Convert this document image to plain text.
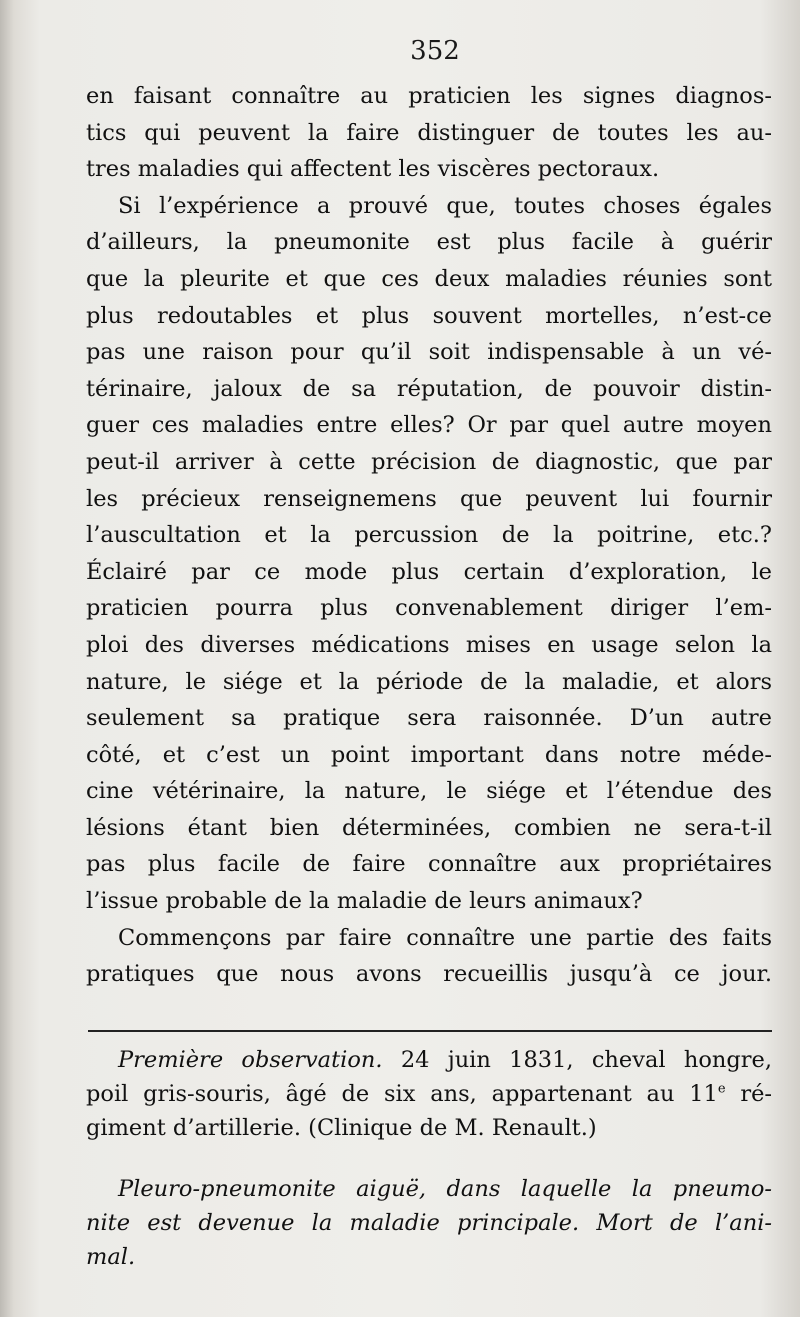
352
en faisant connaître au praticien les signes diagnos-
tics qui peuvent la faire distinguer de toutes les au-
tres maladies qui affectent les viscères pectoraux.
Si l’expérience a prouvé que, toutes choses égales
d’ailleurs, la pneumonite est plus facile à guérir
que la pleurite et que ces deux maladies réunies sont
plus redoutables et plus souvent mortelles, n’est-ce
pas une raison pour qu’il soit indispensable à un vé-
térinaire, jaloux de sa réputation, de pouvoir distin-
guer ces maladies entre elles? Or par quel autre moyen
peut-il arriver à cette précision de diagnostic, que par
les précieux renseignemens que peuvent lui fournir
l’auscultation et la percussion de la poitrine, etc.?
Éclairé par ce mode plus certain d’exploration, le
praticien pourra plus convenablement diriger l’em-
ploi des diverses médications mises en usage selon la
nature, le siége et la période de la maladie, et alors
seulement sa pratique sera raisonnée. D’un autre
côté, et c’est un point important dans notre méde-
cine vétérinaire, la nature, le siége et l’étendue des
lésions étant bien déterminées, combien ne sera-t-il
pas plus facile de faire connaître aux propriétaires
l’issue probable de la maladie de leurs animaux?
Commençons par faire connaître une partie des faits
pratiques que nous avons recueillis jusqu’à ce jour.
Première observation. 24 juin 1831, cheval hongre,
poil gris-souris, âgé de six ans, appartenant au 11e ré-
giment d’artillerie. (Clinique de M. Renault.)
Pleuro-pneumonite aiguë, dans laquelle la pneumo-
nite est devenue la maladie principale. Mort de l’ani-
mal.
